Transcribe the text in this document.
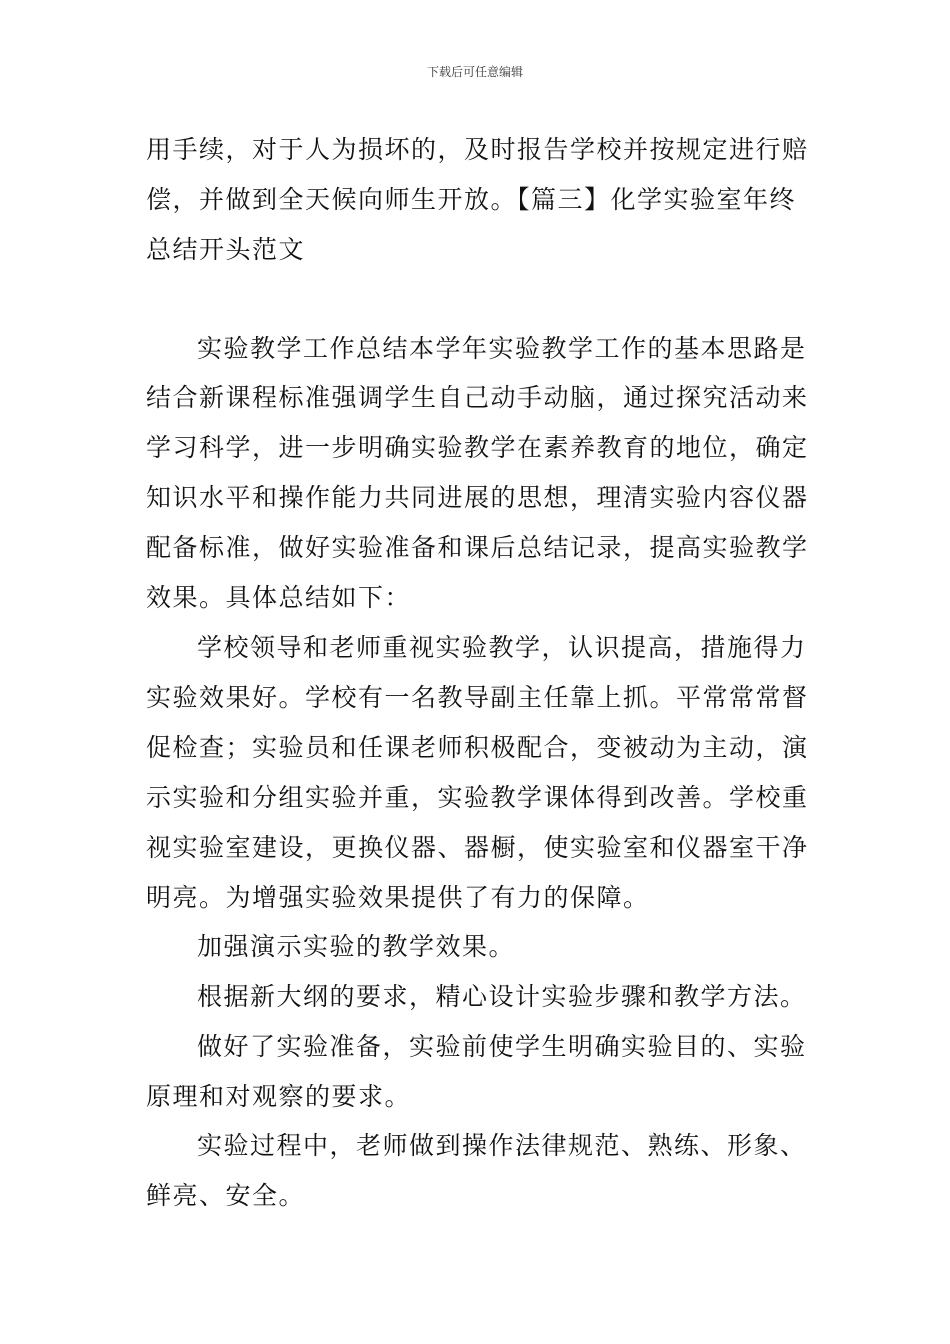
下载后可任意编辑
用手续，对于人为损坏的，及时报告学校并按规定进行赔
偿，并做到全天候向师生开放。【篇三】化学实验室年终
总结开头范文
实验教学工作总结本学年实验教学工作的基本思路是
结合新课程标准强调学生自己动手动脑，通过探究活动来
学习科学，进一步明确实验教学在素养教育的地位，确定
知识水平和操作能力共同进展的思想，理清实验内容仪器
配备标准，做好实验准备和课后总结记录，提高实验教学
效果。具体总结如下：
学校领导和老师重视实验教学，认识提高，措施得力
实验效果好。学校有一名教导副主任靠上抓。平常常常督
促检查；实验员和任课老师积极配合，变被动为主动，演
示实验和分组实验并重，实验教学课体得到改善。学校重
视实验室建设，更换仪器、器橱，使实验室和仪器室干净
明亮。为增强实验效果提供了有力的保障。
加强演示实验的教学效果。
根据新大纲的要求，精心设计实验步骤和教学方法。
做好了实验准备，实验前使学生明确实验目的、实验
原理和对观察的要求。
实验过程中，老师做到操作法律规范、熟练、形象、
鲜亮、安全。
